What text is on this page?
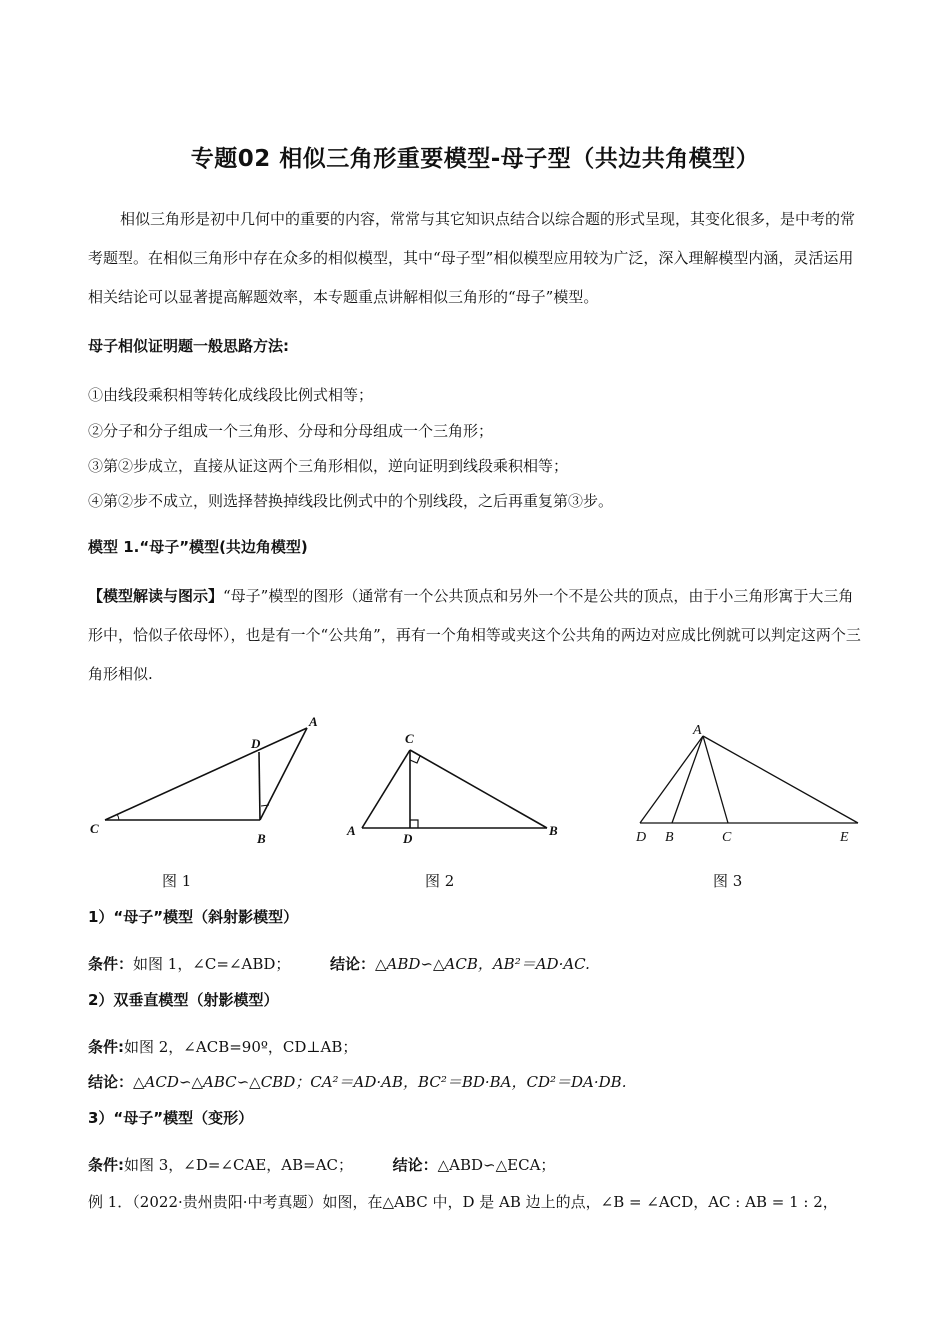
专题02 相似三角形重要模型-母子型（共边共角模型）
相似三角形是初中几何中的重要的内容，常常与其它知识点结合以综合题的形式呈现，其变化很多，是中考的常考题型。在相似三角形中存在众多的相似模型，其中“母子型”相似模型应用较为广泛，深入理解模型内涵，灵活运用相关结论可以显著提高解题效率，本专题重点讲解相似三角形的“母子”模型。
母子相似证明题一般思路方法:
①由线段乘积相等转化成线段比例式相等；
②分子和分子组成一个三角形、分母和分母组成一个三角形；
③第②步成立，直接从证这两个三角形相似，逆向证明到线段乘积相等；
④第②步不成立，则选择替换掉线段比例式中的个别线段，之后再重复第③步。
模型 1.“母子”模型(共边角模型)
【模型解读与图示】“母子”模型的图形（通常有一个公共顶点和另外一个不是公共的顶点，由于小三角形寓于大三角形中，恰似子依母怀），也是有一个“公共角”，再有一个角相等或夹这个公共角的两边对应成比例就可以判定这两个三角形相似.
A
D
C
B
C
A
D
B
A
D B	C	E
图 1	图 2	图 3
1）“母子”模型（斜射影模型）
条件：如图 1，∠C=∠ABD；	结论：△ABD∽△ACB，AB²＝AD·AC.
2）双垂直模型（射影模型）
条件:如图 2，∠ACB=90º，CD⊥AB；
结论：△ACD∽△ABC∽△CBD；CA²＝AD·AB，BC²＝BD·BA，CD²＝DA·DB.
3）“母子”模型（变形）
条件:如图 3，∠D=∠CAE，AB=AC；	结论：△ABD∽△ECA；
例 1．（2022·贵州贵阳·中考真题）如图，在△ABC 中，D 是 AB 边上的点，∠B = ∠ACD，AC : AB = 1 : 2，
